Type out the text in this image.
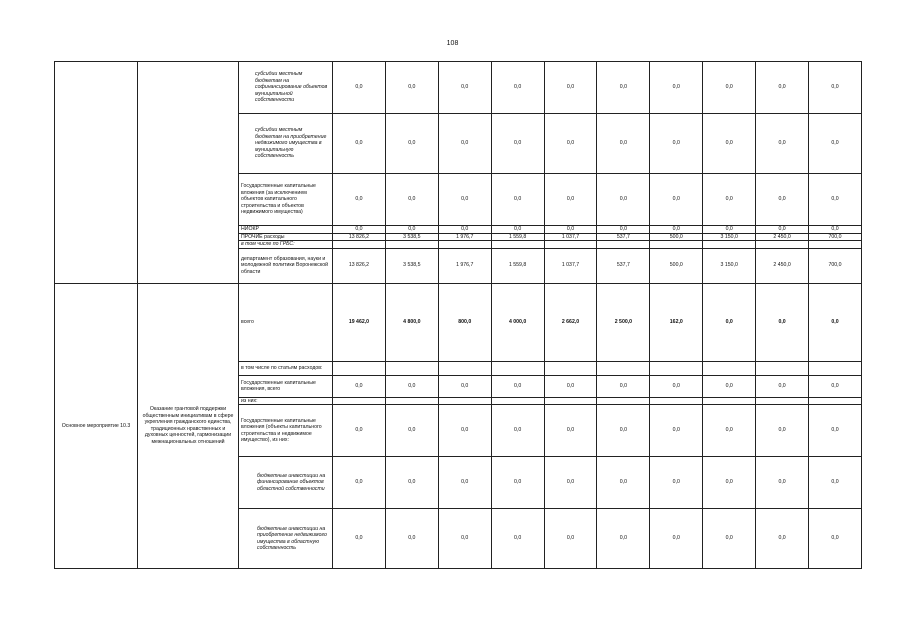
108
		субсидии местным бюджетам на софинансирование объектов муниципальной собственности	0,0	0,0	0,0	0,0	0,0	0,0	0,0	0,0	0,0	0,0
		субсидии местным бюджетам на приобретение недвижимого имущества в муниципальную собственность	0,0	0,0	0,0	0,0	0,0	0,0	0,0	0,0	0,0	0,0
		Государственные капитальные вложения (за исключением объектов капитального строительства и объектов недвижимого имущества)	0,0	0,0	0,0	0,0	0,0	0,0	0,0	0,0	0,0	0,0
		НИОКР	0,0	0,0	0,0	0,0	0,0	0,0	0,0	0,0	0,0	0,0
		ПРОЧИЕ расходы	13 826,2	3 538,5	1 976,7	1 559,8	1 037,7	537,7	500,0	3 150,0	2 450,0	700,0
		в том числе по ГРБС:										
		департамент образования, науки и молодежной политики Воронежской области	13 826,2	3 538,5	1 976,7	1 559,8	1 037,7	537,7	500,0	3 150,0	2 450,0	700,0
Основное мероприятие 10.3	Оказание грантовой поддержки общественным инициативам в сфере укрепления гражданского единства, традиционных нравственных и духовных ценностей, гармонизации межнациональных отношений	всего	19 462,0	4 800,0	800,0	4 000,0	2 662,0	2 500,0	162,0	0,0	0,0	0,0
		в том числе по статьям расходов:										
		Государственные капитальные вложения, всего	0,0	0,0	0,0	0,0	0,0	0,0	0,0	0,0	0,0	0,0
		из них:										
		Государственные капитальные вложения (объекты капитального строительства и недвижимое имущество), из них:	0,0	0,0	0,0	0,0	0,0	0,0	0,0	0,0	0,0	0,0
		бюджетные инвестиции на финансирование объектов областной собственности	0,0	0,0	0,0	0,0	0,0	0,0	0,0	0,0	0,0	0,0
		бюджетные инвестиции на приобретение недвижимого имущества в областную собственность	0,0	0,0	0,0	0,0	0,0	0,0	0,0	0,0	0,0	0,0
